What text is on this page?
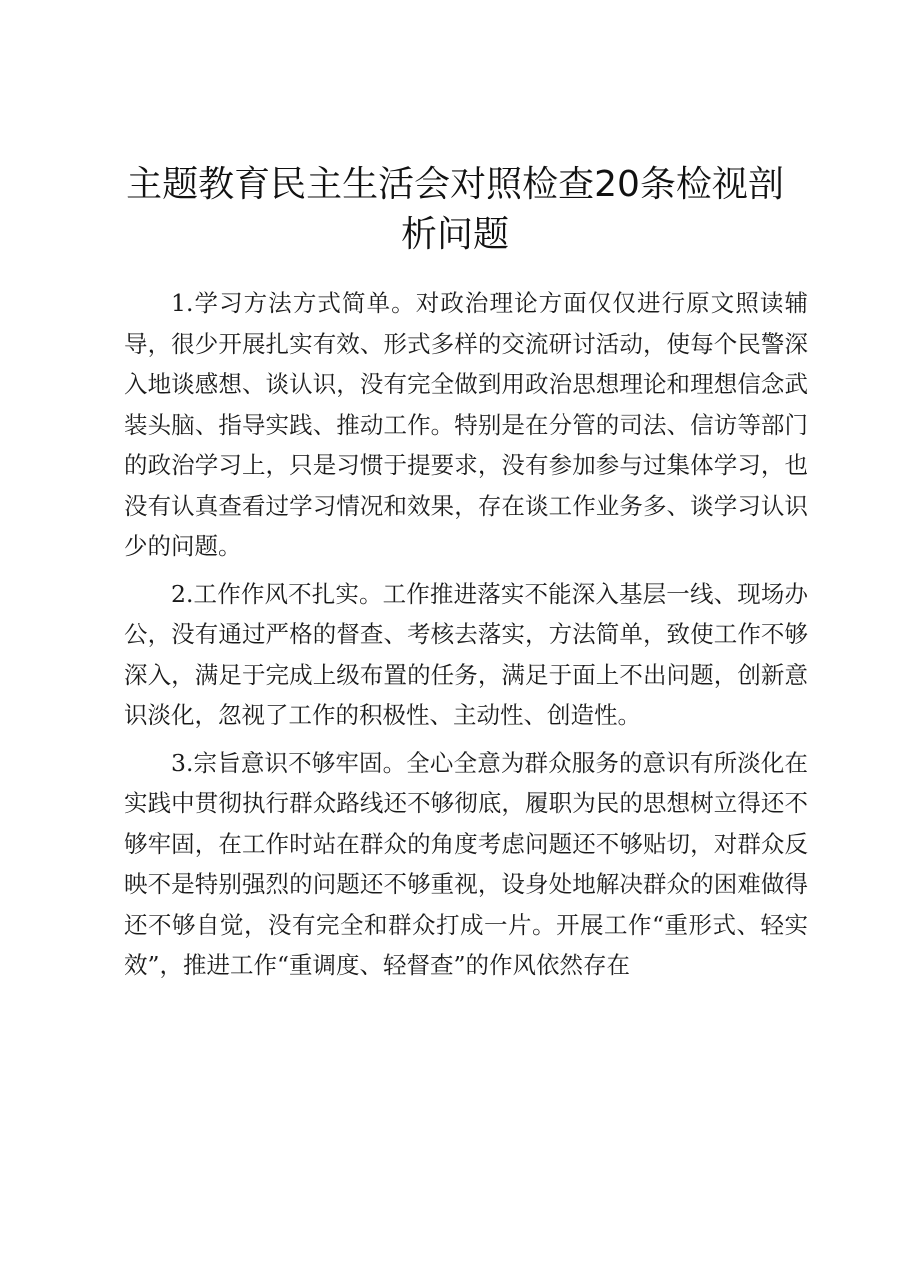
主题教育民主生活会对照检查20条检视剖析问题

1.学习方法方式简单。对政治理论方面仅仅进行原文照读辅导，很少开展扎实有效、形式多样的交流研讨活动，使每个民警深入地谈感想、谈认识，没有完全做到用政治思想理论和理想信念武装头脑、指导实践、推动工作。特别是在分管的司法、信访等部门的政治学习上，只是习惯于提要求，没有参加参与过集体学习，也没有认真查看过学习情况和效果，存在谈工作业务多、谈学习认识少的问题。

2.工作作风不扎实。工作推进落实不能深入基层一线、现场办公，没有通过严格的督查、考核去落实，方法简单，致使工作不够深入，满足于完成上级布置的任务，满足于面上不出问题，创新意识淡化，忽视了工作的积极性、主动性、创造性。

3.宗旨意识不够牢固。全心全意为群众服务的意识有所淡化在实践中贯彻执行群众路线还不够彻底，履职为民的思想树立得还不够牢固，在工作时站在群众的角度考虑问题还不够贴切，对群众反映不是特别强烈的问题还不够重视，设身处地解决群众的困难做得还不够自觉，没有完全和群众打成一片。开展工作“重形式、轻实效”，推进工作“重调度、轻督查”的作风依然存在
